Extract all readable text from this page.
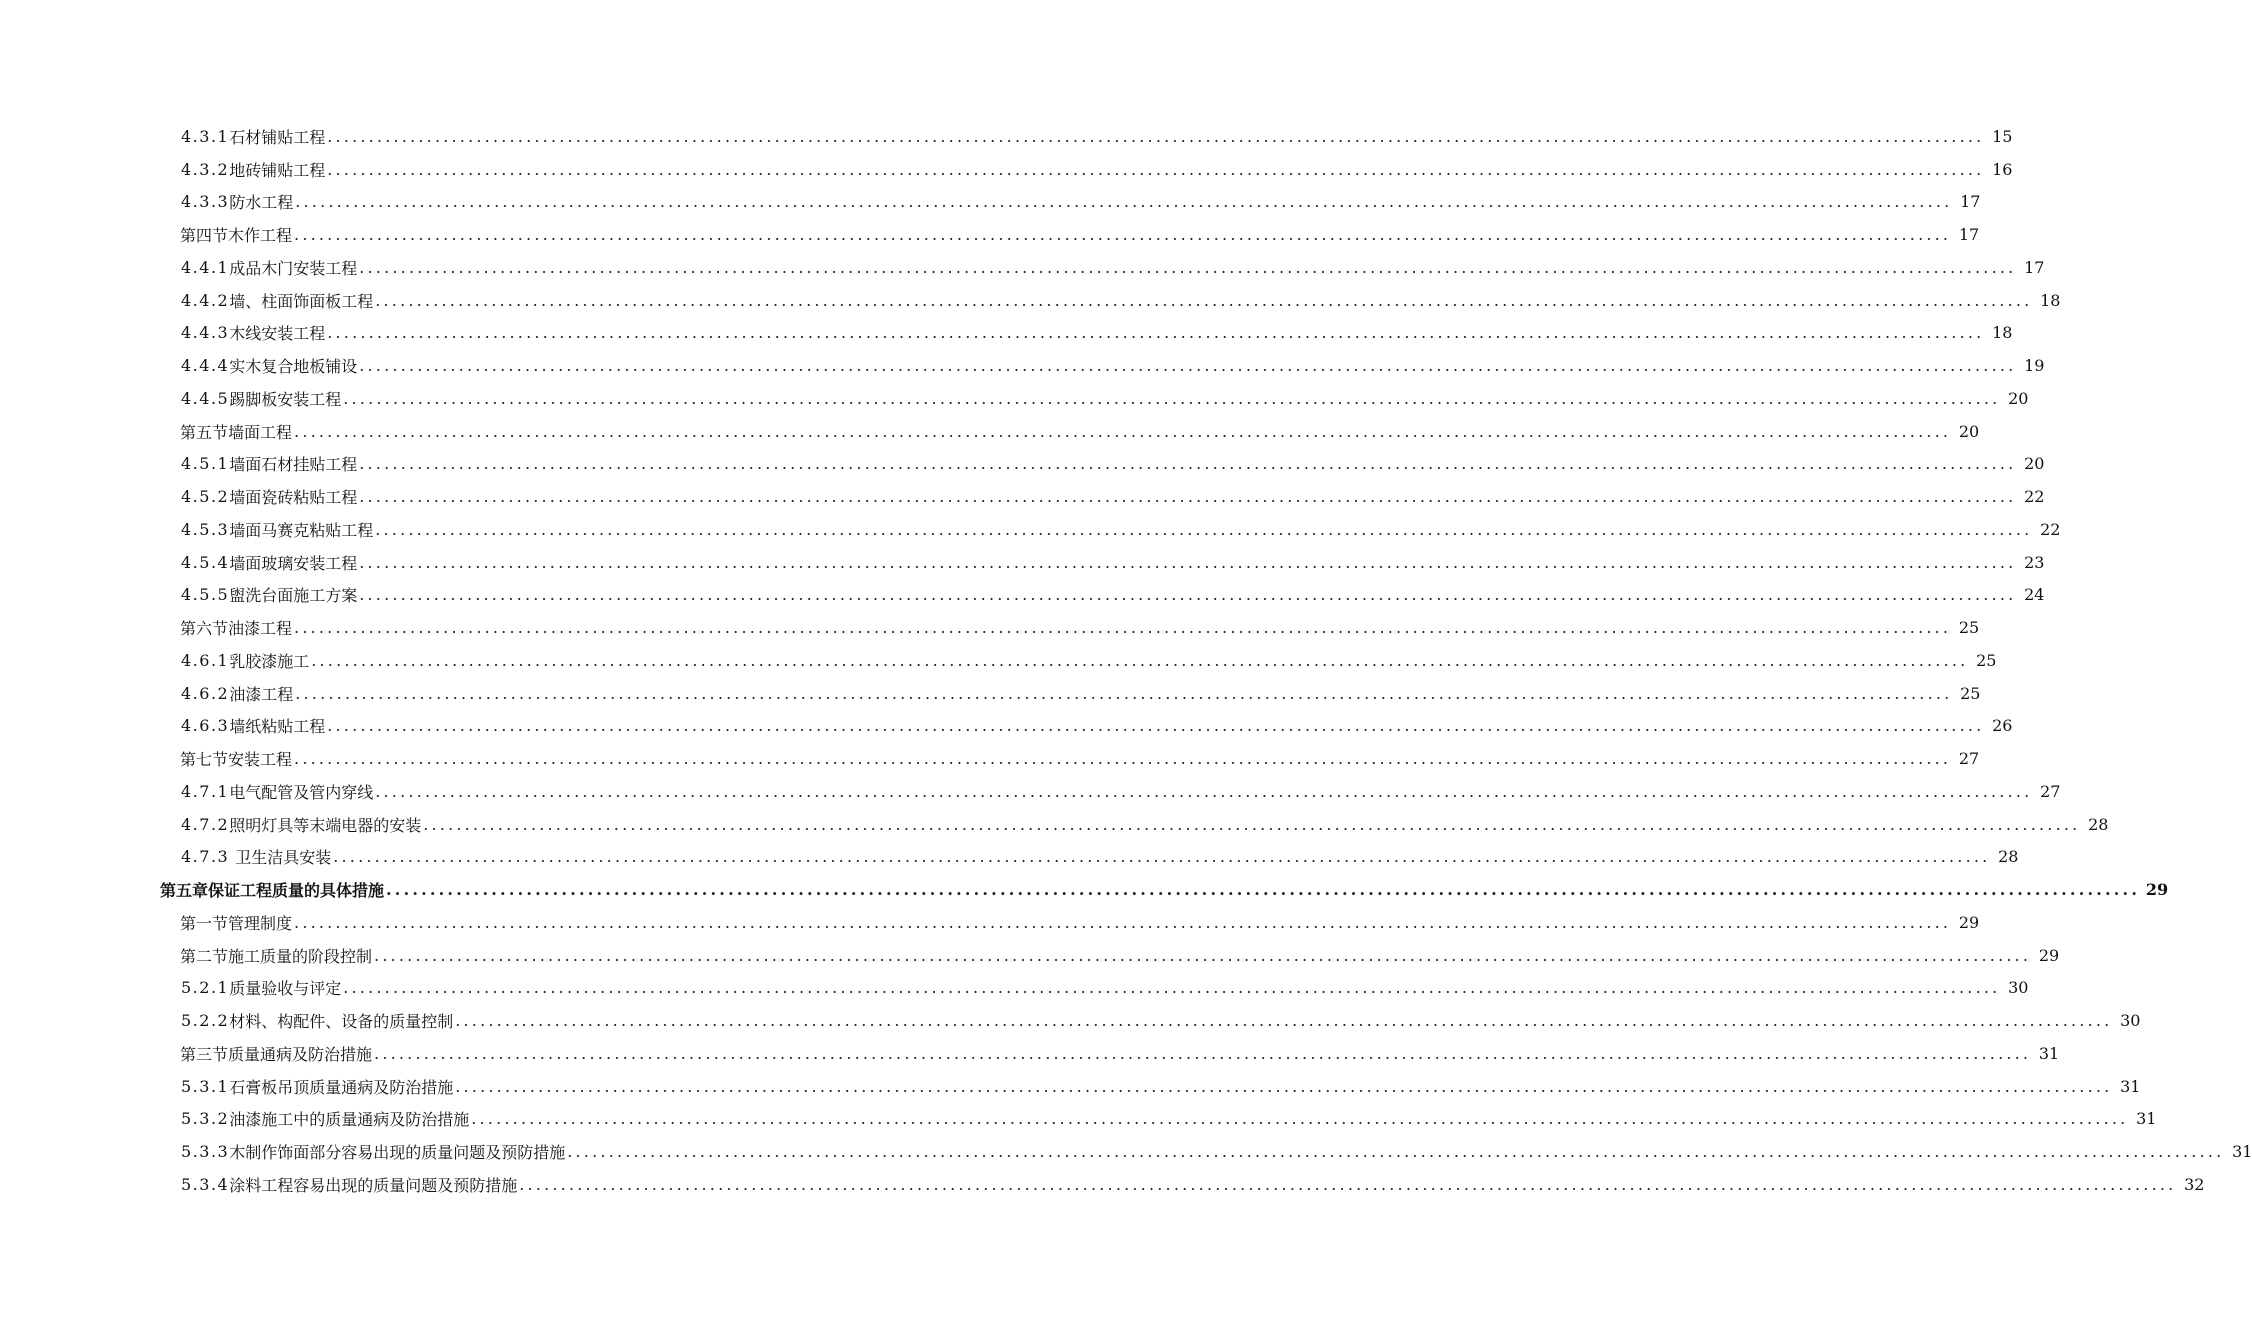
4.3.1 石材铺贴工程 ........................................................................................................................................................................................................ 15
4.3.2 地砖铺贴工程 ........................................................................................................................................................................................................ 16
4.3.3 防水工程 ........................................................................................................................................................................................................ 17
第四节 木作工程 ........................................................................................................................................................................................................ 17
4.4.1 成品木门安装工程 ........................................................................................................................................................................................................ 17
4.4.2 墙、柱面饰面板工程 ........................................................................................................................................................................................................ 18
4.4.3 木线安装工程 ........................................................................................................................................................................................................ 18
4.4.4 实木复合地板铺设 ........................................................................................................................................................................................................ 19
4.4.5 踢脚板安装工程 ........................................................................................................................................................................................................ 20
第五节 墙面工程 ........................................................................................................................................................................................................ 20
4.5.1 墙面石材挂贴工程 ........................................................................................................................................................................................................ 20
4.5.2 墙面瓷砖粘贴工程 ........................................................................................................................................................................................................ 22
4.5.3 墙面马赛克粘贴工程 ........................................................................................................................................................................................................ 22
4.5.4 墙面玻璃安装工程 ........................................................................................................................................................................................................ 23
4.5.5 盥洗台面施工方案 ........................................................................................................................................................................................................ 24
第六节 油漆工程 ........................................................................................................................................................................................................ 25
4.6.1 乳胶漆施工 ........................................................................................................................................................................................................ 25
4.6.2 油漆工程 ........................................................................................................................................................................................................ 25
4.6.3 墙纸粘贴工程 ........................................................................................................................................................................................................ 26
第七节 安装工程 ........................................................................................................................................................................................................ 27
4.7.1 电气配管及管内穿线 ........................................................................................................................................................................................................ 27
4.7.2 照明灯具等末端电器的安装 ........................................................................................................................................................................................................ 28
4.7.3 卫生洁具安装 ........................................................................................................................................................................................................ 28
第五章 保证工程质量的具体措施 ........................................................................................................................................................................................................ 29
第一节 管理制度 ........................................................................................................................................................................................................ 29
第二节 施工质量的阶段控制 ........................................................................................................................................................................................................ 29
5.2.1 质量验收与评定 ........................................................................................................................................................................................................ 30
5.2.2 材料、构配件、设备的质量控制 ........................................................................................................................................................................................................ 30
第三节 质量通病及防治措施 ........................................................................................................................................................................................................ 31
5.3.1 石膏板吊顶质量通病及防治措施 ........................................................................................................................................................................................................ 31
5.3.2 油漆施工中的质量通病及防治措施 ........................................................................................................................................................................................................ 31
5.3.3 木制作饰面部分容易出现的质量问题及预防措施 ........................................................................................................................................................................................................ 31
5.3.4 涂料工程容易出现的质量问题及预防措施 ........................................................................................................................................................................................................ 32
